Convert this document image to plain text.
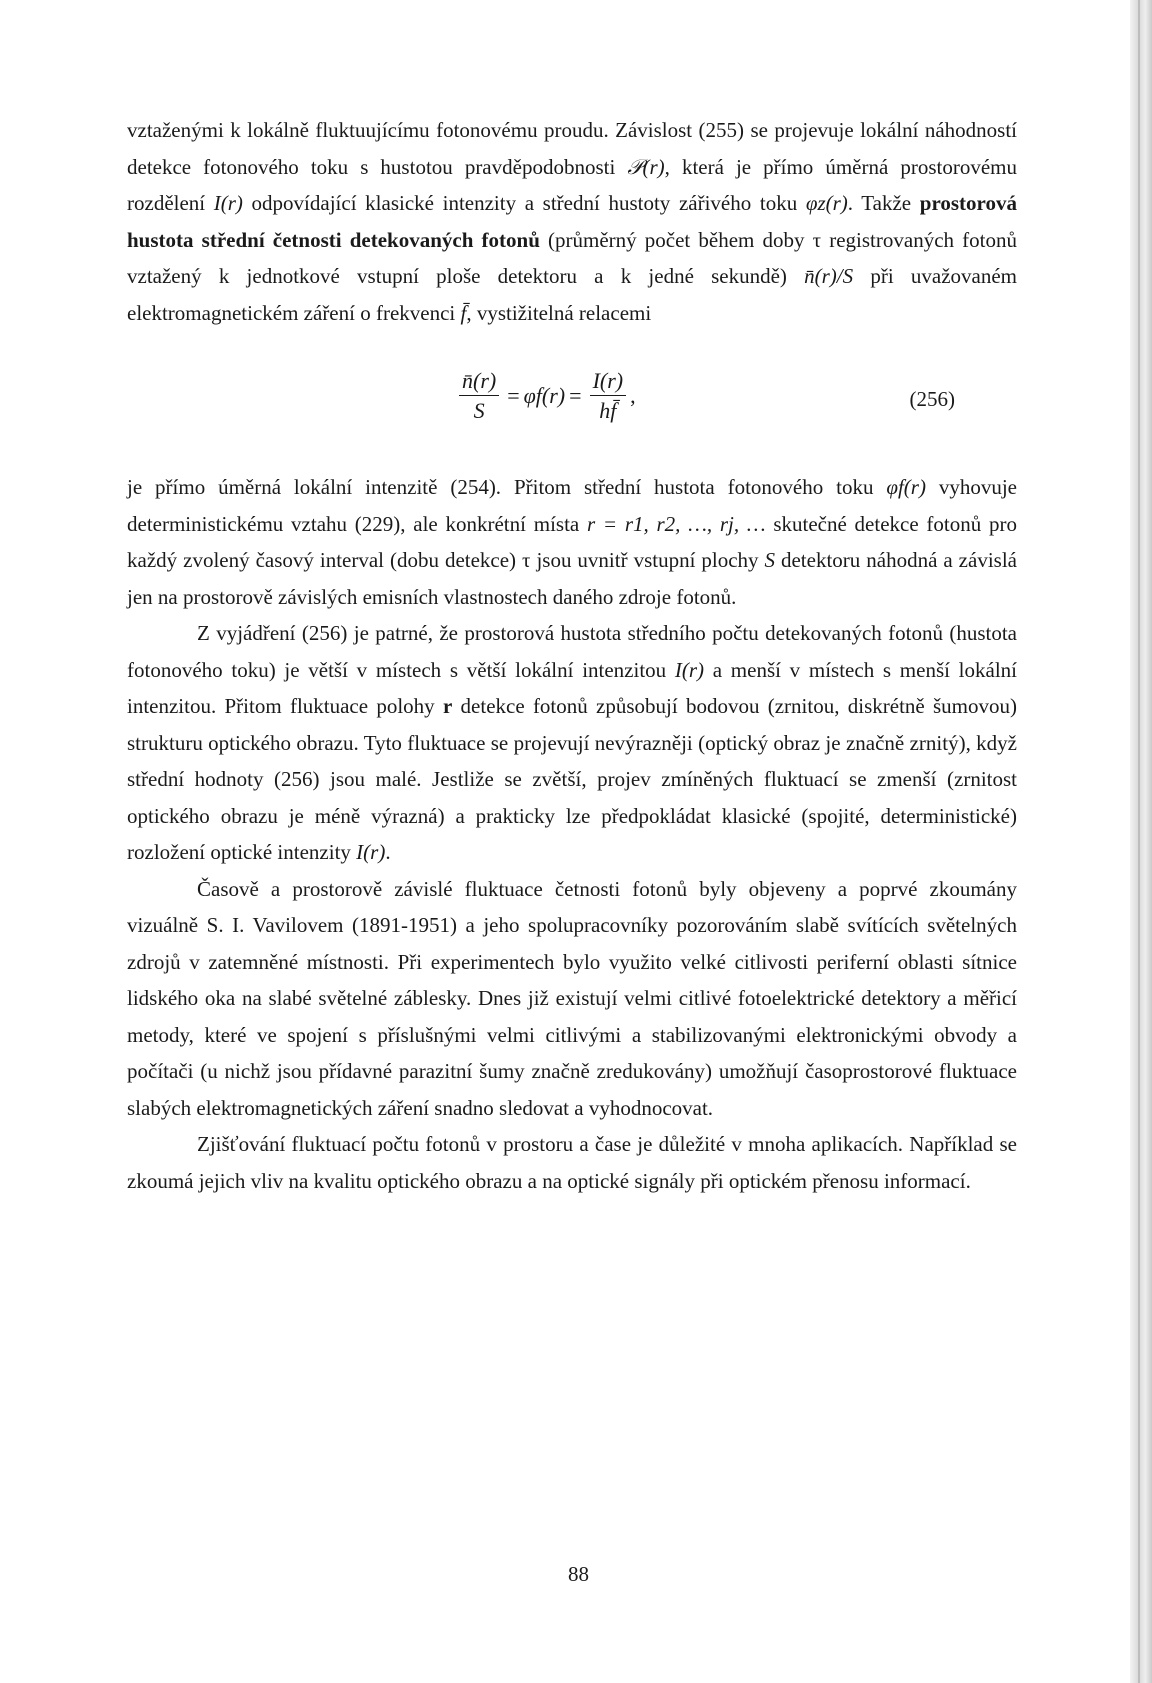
vztaženými k lokálně fluktuujícímu fotonovému proudu. Závislost (255) se projevuje lokální náhodností detekce fotonového toku s hustotou pravděpodobnosti 𝒫(r), která je přímo úměrná prostorovému rozdělení I(r) odpovídající klasické intenzity a střední hustoty zářivého toku φz(r). Takže prostorová hustota střední četnosti detekovaných fotonů (průměrný počet během doby τ registrovaných fotonů vztažený k jednotkové vstupní ploše detektoru a k jedné sekundě) n̄(r)/S při uvažovaném elektromagnetickém záření o frekvenci f̄, vystižitelná relacemi

$\frac{n̄(r)}{S} = \varphi f(r) = \frac{I(r)}{hf̄}$ ,	(256)

je přímo úměrná lokální intenzitě (254). Přitom střední hustota fotonového toku φf(r) vyhovuje deterministickému vztahu (229), ale konkrétní místa r = r1, r2, …, rj, … skutečné detekce fotonů pro každý zvolený časový interval (dobu detekce) τ jsou uvnitř vstupní plochy S detektoru náhodná a závislá jen na prostorově závislých emisních vlastnostech daného zdroje fotonů.

Z vyjádření (256) je patrné, že prostorová hustota středního počtu detekovaných fotonů (hustota fotonového toku) je větší v místech s větší lokální intenzitou I(r) a menší v místech s menší lokální intenzitou. Přitom fluktuace polohy r detekce fotonů způsobují bodovou (zrnitou, diskrétně šumovou) strukturu optického obrazu. Tyto fluktuace se projevují nevýrazněji (optický obraz je značně zrnitý), když střední hodnoty (256) jsou malé. Jestliže se zvětší, projev zmíněných fluktuací se zmenší (zrnitost optického obrazu je méně výrazná) a prakticky lze předpokládat klasické (spojité, deterministické) rozložení optické intenzity I(r).

Časově a prostorově závislé fluktuace četnosti fotonů byly objeveny a poprvé zkoumány vizuálně S. I. Vavilovem (1891-1951) a jeho spolupracovníky pozorováním slabě svítících světelných zdrojů v zatemněné místnosti. Při experimentech bylo využito velké citlivosti periferní oblasti sítnice lidského oka na slabé světelné záblesky. Dnes již existují velmi citlivé fotoelektrické detektory a měřicí metody, které ve spojení s příslušnými velmi citlivými a stabilizovanými elektronickými obvody a počítači (u nichž jsou přídavné parazitní šumy značně zredukovány) umožňují časoprostorové fluktuace slabých elektromagnetických záření snadno sledovat a vyhodnocovat.

Zjišťování fluktuací počtu fotonů v prostoru a čase je důležité v mnoha aplikacích. Například se zkoumá jejich vliv na kvalitu optického obrazu a na optické signály při optickém přenosu informací.

88
